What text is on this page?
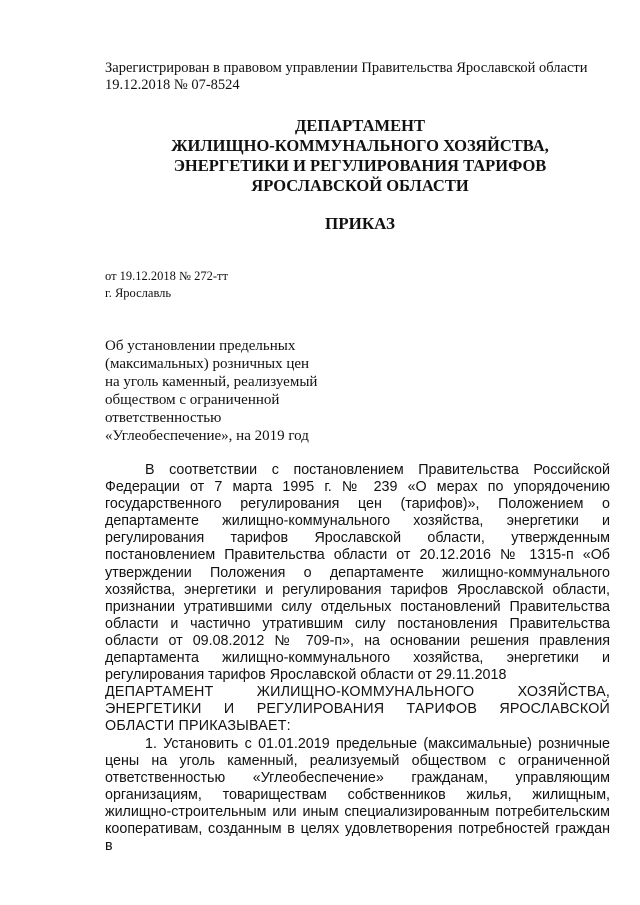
Зарегистрирован в правовом управлении Правительства Ярославской области
19.12.2018 № 07-8524
ДЕПАРТАМЕНТ
ЖИЛИЩНО-КОММУНАЛЬНОГО ХОЗЯЙСТВА,
ЭНЕРГЕТИКИ И РЕГУЛИРОВАНИЯ ТАРИФОВ
ЯРОСЛАВСКОЙ ОБЛАСТИ
ПРИКАЗ
от 19.12.2018 № 272-тт
г. Ярославль
Об установлении предельных
(максимальных) розничных цен
на уголь каменный, реализуемый
обществом с ограниченной
ответственностью
«Углеобеспечение», на 2019 год

В соответствии с постановлением Правительства Российской Федерации от 7 марта 1995 г. № 239 «О мерах по упорядочению государственного регулирования цен (тарифов)», Положением о департаменте жилищно-коммунального хозяйства, энергетики и регулирования тарифов Ярославской области, утвержденным постановлением Правительства области от 20.12.2016 № 1315-п «Об утверждении Положения о департаменте жилищно-коммунального хозяйства, энергетики и регулирования тарифов Ярославской области, признании утратившими силу отдельных постановлений Правительства области и частично утратившим силу постановления Правительства области от 09.08.2012 № 709-п», на основании решения правления департамента жилищно-коммунального хозяйства, энергетики и регулирования тарифов Ярославской области от 29.11.2018

ДЕПАРТАМЕНТ ЖИЛИЩНО-КОММУНАЛЬНОГО ХОЗЯЙСТВА, ЭНЕРГЕТИКИ И РЕГУЛИРОВАНИЯ ТАРИФОВ ЯРОСЛАВСКОЙ ОБЛАСТИ ПРИКАЗЫВАЕТ:

1. Установить с 01.01.2019 предельные (максимальные) розничные цены на уголь каменный, реализуемый обществом с ограниченной ответственностью «Углеобеспечение» гражданам, управляющим организациям, товариществам собственников жилья, жилищным, жилищно-строительным или иным специализированным потребительским кооперативам, созданным в целях удовлетворения потребностей граждан в
